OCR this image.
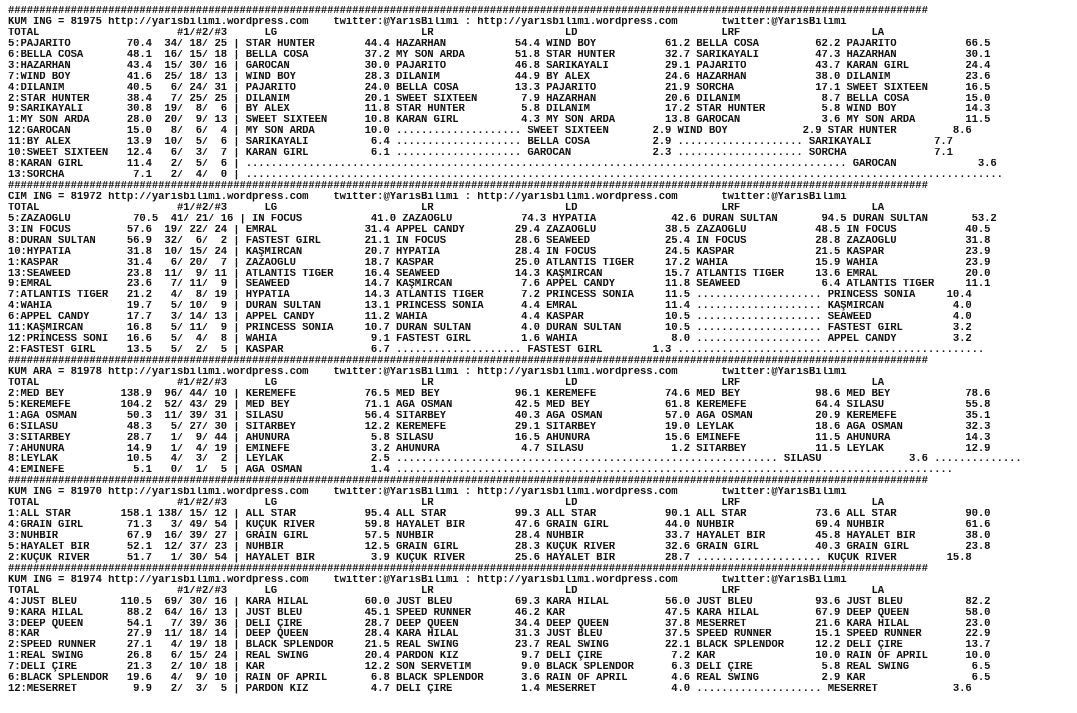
###################################################################################################################################################
KUM ING = 81975 http://yarisbilimi.wordpress.com    twitter:@YarisBilimi : http://yarisbilimi.wordpress.com       twitter:@YarisBilimi
TOTAL                      #1/#2/#3      LG                       LR                     LD                       LRF                     LA
5:PAJARITO         70.4  34/ 18/ 25 | STAR HUNTER        44.4 HAZARHAN           54.4 WIND BOY           61.2 BELLA COSA         62.2 PAJARITO           66.5
6:BELLA COSA       48.1  16/ 15/ 18 | BELLA COSA         37.2 MY SON ARDA        51.8 STAR HUNTER        32.7 SARIKAYALI         47.3 HAZARHAN           30.1
3:HAZARHAN         43.4  15/ 30/ 16 | GAROCAN            30.0 PAJARITO           46.8 SARIKAYALI         29.1 PAJARITO           43.7 KARAN GIRL         24.4
7:WIND BOY         41.6  25/ 18/ 13 | WIND BOY           28.3 DİLANIM            44.9 BY ALEX            24.6 HAZARHAN           38.0 DİLANIM            23.6
4:DİLANIM          40.5   6/ 24/ 31 | PAJARITO           24.0 BELLA COSA         13.3 PAJARITO           21.9 SORCHA             17.1 SWEET SIXTEEN      16.5
2:STAR HUNTER      38.4   7/ 25/ 25 | DİLANIM            20.1 SWEET SIXTEEN       7.9 HAZARHAN           20.6 DİLANIM             8.7 BELLA COSA         15.0
9:SARIKAYALI       30.8  19/  8/  6 | BY ALEX            11.8 STAR HUNTER         5.8 DİLANIM            17.2 STAR HUNTER         5.8 WIND BOY           14.3
1:MY SON ARDA      28.0  20/  9/ 13 | SWEET SIXTEEN      10.8 KARAN GIRL          4.3 MY SON ARDA        13.8 GAROCAN             3.6 MY SON ARDA        11.5
12:GAROCAN         15.0   8/  6/  4 | MY SON ARDA        10.0 .................... SWEET SIXTEEN       2.9 WIND BOY            2.9 STAR HUNTER         8.6
11:BY ALEX         13.9  10/  5/  6 | SARIKAYALI          6.4 .................... BELLA COSA          2.9 .................... SARIKAYALI          7.7
10:SWEET SIXTEEN   12.4   6/  3/  7 | KARAN GIRL          6.1 .................... GAROCAN             2.3 .................... SORCHA              7.1
8:KARAN GIRL       11.4   2/  5/  6 | ................................................................................................ GAROCAN             3.6
13:SORCHA           7.1   2/  4/  0 | .........................................................................................................................
###################################################################################################################################################
CIM ING = 81972 http://yarisbilimi.wordpress.com    twitter:@YarisBilimi : http://yarisbilimi.wordpress.com       twitter:@YarisBilimi
TOTAL                      #1/#2/#3      LG                       LR                     LD                       LRF                     LA
5:ZAZAOĞLU          70.5  41/ 21/ 16 | IN FOCUS           41.0 ZAZAOĞLU           74.3 HYPATIA            42.6 DURAN SULTAN       94.5 DURAN SULTAN       53.2
3:IN FOCUS         57.6  19/ 22/ 24 | EMRAL              31.4 APPEL CANDY        29.4 ZAZAOĞLU           38.5 ZAZAOĞLU           48.5 IN FOCUS           40.5
8:DURAN SULTAN     56.9  32/  6/  2 | FASTEST GIRL       21.1 IN FOCUS           28.6 SEAWEED            25.4 IN FOCUS           28.8 ZAZAOĞLU           31.8
10:HYPATIA         31.8  10/ 15/ 24 | KAŞMIRCAN          20.7 HYPATIA            28.4 IN FOCUS           24.5 KASPAR             21.5 KASPAR             23.9
1:KASPAR           31.4   6/ 20/  7 | ZAZAOĞLU           18.7 KASPAR             25.0 ATLANTIS TIGER     17.2 WAHIA              15.9 WAHIA              23.9
13:SEAWEED         23.8  11/  9/ 11 | ATLANTIS TIGER     16.4 SEAWEED            14.3 KAŞMIRCAN          15.7 ATLANTIS TIGER     13.6 EMRAL              20.0
9:EMRAL            23.6   7/ 11/  9 | SEAWEED            14.7 KAŞMIRCAN           7.6 APPEL CANDY        11.8 SEAWEED             6.4 ATLANTIS TIGER     11.1
7:ATLANTIS TIGER   21.2   4/  8/ 19 | HYPATIA            14.3 ATLANTIS TIGER      7.2 PRINCESS SONIA     11.5 .................... PRINCESS SONIA     10.4
4:WAHIA            19.7   5/ 10/  9 | DURAN SULTAN       13.1 PRINCESS SONIA      4.4 EMRAL              11.4 .................... KAŞMIRCAN           4.0
6:APPEL CANDY      17.7   3/ 14/ 13 | APPEL CANDY        11.2 WAHIA               4.4 KASPAR             10.5 .................... SEAWEED             4.0
11:KAŞMIRCAN       16.8   5/ 11/  9 | PRINCESS SONIA     10.7 DURAN SULTAN        4.0 DURAN SULTAN       10.5 .................... FASTEST GIRL        3.2
12:PRINCESS SONI   16.6   5/  4/  8 | WAHIA               9.1 FASTEST GIRL        1.6 WAHIA               8.0 .................... APPEL CANDY         3.2
2:FASTEST GIRL     13.5   5/  2/  5 | KASPAR              6.7 .................... FASTEST GIRL        1.3 .................................................
###################################################################################################################################################
KUM ARA = 81978 http://yarisbilimi.wordpress.com    twitter:@YarisBilimi : http://yarisbilimi.wordpress.com       twitter:@YarisBilimi
TOTAL                      #1/#2/#3      LG                       LR                     LD                       LRF                     LA
2:MED BEY         138.9  96/ 44/ 10 | KEREMEFE           76.5 MED BEY            96.1 KEREMEFE           74.6 MED BEY            98.6 MED BEY            78.6
5:KEREMEFE        104.2  52/ 43/ 29 | MED BEY            71.1 AĞA OSMAN          42.5 MED BEY            61.8 KEREMEFE           64.4 SILASU             55.8
1:AĞA OSMAN        50.3  11/ 39/ 31 | SILASU             56.4 SITARBEY           40.3 AĞA OSMAN          57.0 AĞA OSMAN          20.9 KEREMEFE           35.1
6:SILASU           48.3   5/ 27/ 30 | SITARBEY           12.2 KEREMEFE           29.1 SITARBEY           19.0 LEYLAK             18.6 AĞA OSMAN          32.3
3:SITARBEY         28.7   1/  9/ 44 | AHUNURA             5.8 SILASU             16.5 AHUNURA            15.6 EMİNEFE            11.5 AHUNURA            14.3
7:AHUNURA          14.9   1/  4/ 19 | EMİNEFE             3.2 AHUNURA             4.7 SILASU              1.2 SITARBEY           11.5 LEYLAK             12.9
8:LEYLAK           10.5   4/  3/  2 | LEYLAK              2.5 ............................................................. SILASU              3.6 ..............
4:EMİNEFE           5.1   0/  1/  5 | AĞA OSMAN           1.4 .........................................................................................
###################################################################################################################################################
KUM ING = 81970 http://yarisbilimi.wordpress.com    twitter:@YarisBilimi : http://yarisbilimi.wordpress.com       twitter:@YarisBilimi
TOTAL                      #1/#2/#3      LG                       LR                     LD                       LRF                     LA
1:ALL STAR        158.1 138/ 15/ 12 | ALL STAR           95.4 ALL STAR           99.3 ALL STAR           90.1 ALL STAR           73.6 ALL STAR           90.0
4:GRAIN GIRL       71.3   3/ 49/ 54 | KÜÇÜK RIVER        59.8 HAYALET BİR        47.6 GRAIN GIRL         44.0 NUHBIR             69.4 NUHBIR             61.6
3:NUHBIR           67.9  16/ 39/ 27 | GRAIN GIRL         57.5 NUHBIR             28.4 NUHBIR             33.7 HAYALET BİR        45.8 HAYALET BİR        38.0
5:HAYALET BİR      52.1  12/ 37/ 23 | NUHBIR             12.5 GRAIN GIRL         28.3 KÜÇÜK RIVER        32.6 GRAIN GIRL         40.3 GRAIN GIRL         23.8
2:KÜÇÜK RIVER      51.7   1/ 30/ 54 | HAYALET BİR         3.9 KÜÇÜK RIVER        25.6 HAYALET BİR        28.7 .................... KÜÇÜK RIVER        15.8
###################################################################################################################################################
KUM ING = 81974 http://yarisbilimi.wordpress.com    twitter:@YarisBilimi : http://yarisbilimi.wordpress.com       twitter:@YarisBilimi
TOTAL                      #1/#2/#3      LG                       LR                     LD                       LRF                     LA
4:JUST BLEU       110.5  69/ 30/ 16 | KARA HİLAL         60.0 JUST BLEU          69.3 KARA HİLAL         56.0 JUST BLEU          93.6 JUST BLEU          82.2
9:KARA HİLAL       88.2  64/ 16/ 13 | JUST BLEU          45.1 SPEED RUNNER       46.2 KAR                47.5 KARA HİLAL         67.9 DEEP QUEEN         58.0
3:DEEP QUEEN       54.1   7/ 39/ 36 | DELİ ÇİRE          28.7 DEEP QUEEN         34.4 DEEP QUEEN         37.8 MESERRET           21.6 KARA HİLAL         23.0
8:KAR              27.9  11/ 18/ 14 | DEEP QUEEN         28.4 KARA HİLAL         31.3 JUST BLEU          37.5 SPEED RUNNER       15.1 SPEED RUNNER       22.9
2:SPEED RUNNER     27.1   4/ 19/ 18 | BLACK SPLENDOR     21.5 REAL SWING         23.7 REAL SWING         22.1 BLACK SPLENDOR     12.2 DELİ ÇİRE          13.7
1:REAL SWING       26.8   6/ 15/ 24 | REAL SWING         20.4 PARDON KIZ          9.7 DELİ ÇİRE           7.2 KAR                10.0 RAIN OF APRIL      10.0
7:DELİ ÇİRE        21.3   2/ 10/ 18 | KAR                12.2 SON SERVETİM        9.0 BLACK SPLENDOR      6.3 DELİ ÇİRE           5.8 REAL SWING          6.5
6:BLACK SPLENDOR   19.6   4/  9/ 10 | RAIN OF APRIL       6.8 BLACK SPLENDOR      3.6 RAIN OF APRIL       4.6 REAL SWING          2.9 KAR                 6.5
12:MESERRET         9.9   2/  3/  5 | PARDON KIZ          4.7 DELİ ÇİRE           1.4 MESERRET            4.0 .................... MESERRET            3.6
